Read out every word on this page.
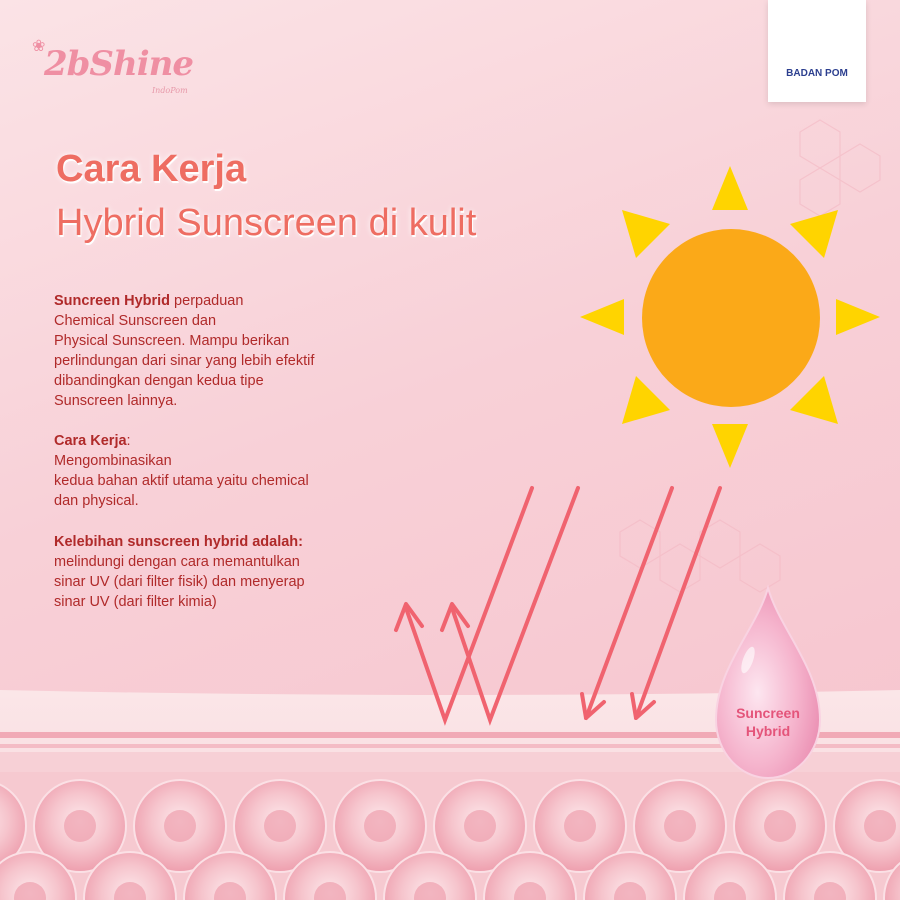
❀
2bShine
IndoPom
BADAN POM
Cara Kerja
Hybrid Sunscreen di kulit

Suncreen Hybrid perpaduan
Chemical Sunscreen dan
Physical Sunscreen. Mampu berikan
perlindungan dari sinar yang lebih efektif
dibandingkan dengan kedua tipe
Sunscreen lainnya.

Cara Kerja:
Mengombinasikan
kedua bahan aktif utama yaitu chemical
dan physical.

Kelebihan sunscreen hybrid adalah:
melindungi dengan cara memantulkan
sinar UV (dari filter fisik) dan menyerap
sinar UV (dari filter kimia)

Suncreen
Hybrid
